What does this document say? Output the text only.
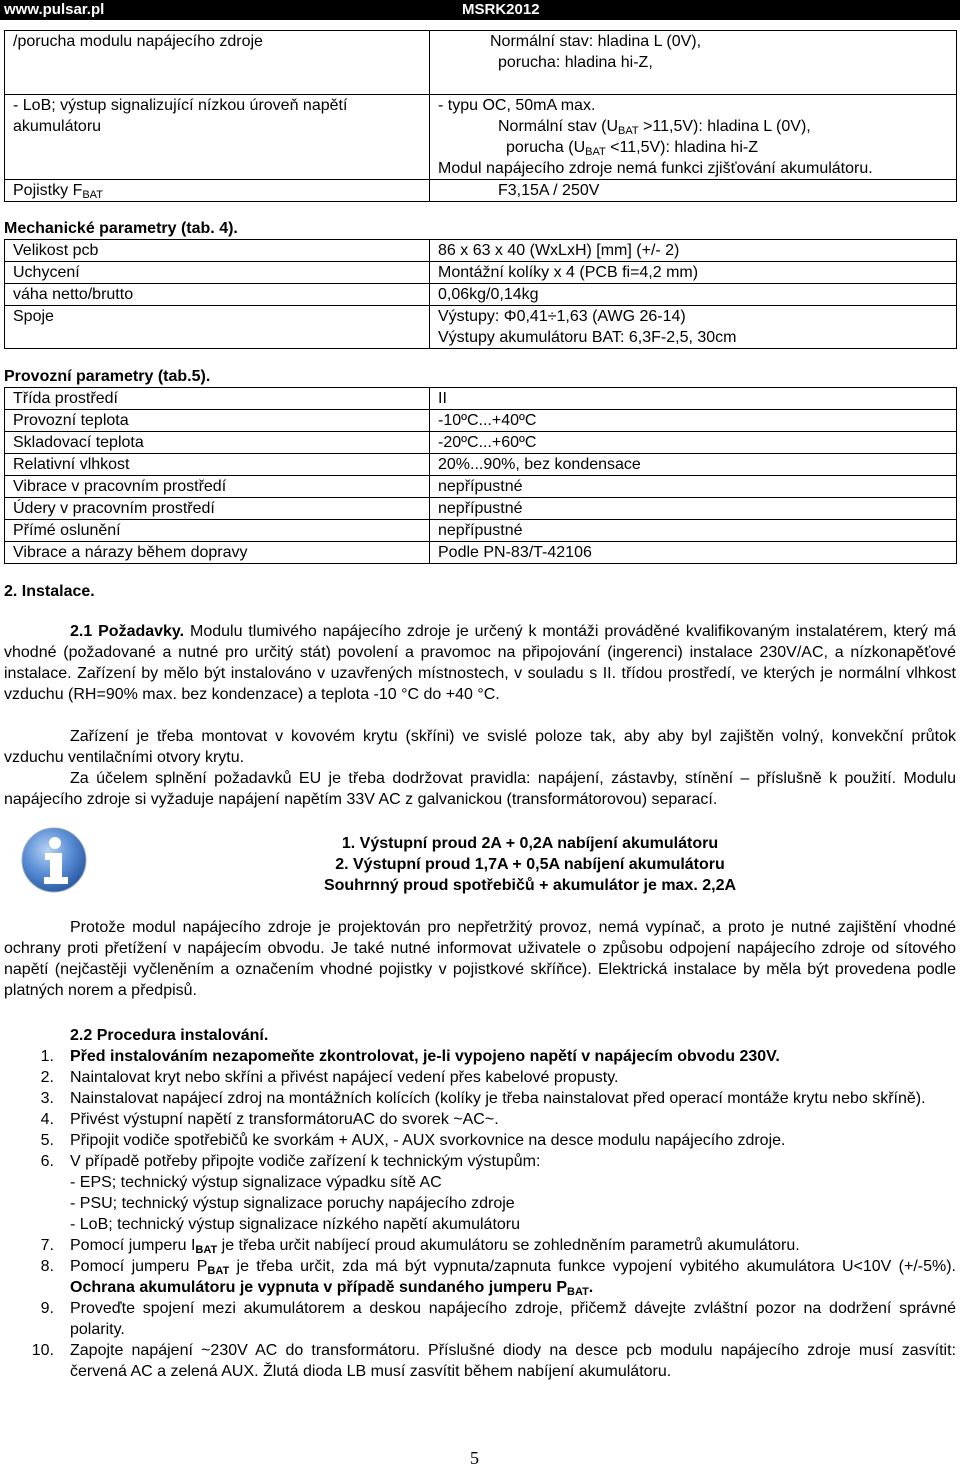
www.pulsar.pl	MSRK2012
/porucha modulu napájecího zdroje	Normální stav: hladina L (0V),
porucha: hladina hi-Z,

- LoB; výstup signalizující nízkou úroveň napětí akumulátoru	- typu OC, 50mA max.
Normální stav $(U_{BAT} >11,5V)$: hladina L (0V),
porucha $(U_{BAT} <11,5V)$: hladina hi-Z
Modul napájecího zdroje nemá funkci zjišťování akumulátoru.

Pojistky $F_{BAT}$	F3,15A / 250V
Mechanické parametry (tab. 4).
Velikost pcb	86 x 63 x 40 (WxLxH) [mm] (+/- 2)
Uchycení	Montážní kolíky x 4 (PCB fi=4,2 mm)
váha netto/brutto	0,06kg/0,14kg
Spoje	Výstupy: Φ0,41÷1,63 (AWG 26-14)
Výstupy akumulátoru BAT: 6,3F-2,5, 30cm
Provozní parametry (tab.5).
Třída prostředí	II
Provozní teplota	-10ºC...+40ºC
Skladovací teplota	-20ºC...+60ºC
Relativní vlhkost	20%...90%, bez kondensace
Vibrace v pracovním prostředí	nepřípustné
Údery v pracovním prostředí	nepřípustné
Přímé oslunění	nepřípustné
Vibrace a nárazy během dopravy	Podle PN-83/T-42106
2. Instalace.

2.1 Požadavky. Modulu tlumivého napájecího zdroje je určený k montáži prováděné kvalifikovaným instalatérem, který má vhodné (požadované a nutné pro určitý stát) povolení a pravomoc na připojování (ingerenci) instalace 230V/AC, a nízkonapěťové instalace. Zařízení by mělo být instalováno v uzavřených místnostech, v souladu s II. třídou prostředí, ve kterých je normální vlhkost vzduchu (RH=90% max. bez kondenzace) a teplota -10 °C do +40 °C.

Zařízení je třeba montovat v kovovém krytu (skříni) ve svislé poloze tak, aby aby byl zajištěn volný, konvekční průtok vzduchu ventilačními otvory krytu.

Za účelem splnění požadavků EU je třeba dodržovat pravidla: napájení, zástavby, stínění – příslušně k použití. Modulu napájecího zdroje si vyžaduje napájení napětím 33V AC z galvanickou (transformátorovou) separací.

1. Výstupní proud 2A + 0,2A nabíjení akumulátoru
2. Výstupní proud 1,7A + 0,5A nabíjení akumulátoru
Souhrnný proud spotřebičů + akumulátor je max. 2,2A

Protože modul napájecího zdroje je projektován pro nepřetržitý provoz, nemá vypínač, a proto je nutné zajištění vhodné ochrany proti přetížení v napájecím obvodu. Je také nutné informovat uživatele o způsobu odpojení napájecího zdroje od sítového napětí (nejčastěji vyčleněním a označením vhodné pojistky v pojistkové skříňce). Elektrická instalace by měla být provedena podle platných norem a předpisů.

2.2 Procedura instalování.
1. Před instalováním nezapomeňte zkontrolovat, je-li vypojeno napětí v napájecím obvodu 230V.
2. Naintalovat kryt nebo skříni a přivést napájecí vedení přes kabelové propusty.
3. Nainstalovat napájecí zdroj na montážních kolících (kolíky je třeba nainstalovat před operací montáže krytu nebo skříně).
4. Přivést výstupní napětí z transformátoruAC do svorek ~AC~.
5. Připojit vodiče spotřebičů ke svorkám + AUX, - AUX svorkovnice na desce modulu napájecího zdroje.
6. V případě potřeby připojte vodiče zařízení k technickým výstupům:
- EPS; technický výstup signalizace výpadku sítě AC
- PSU; technický výstup signalizace poruchy napájecího zdroje
- LoB; technický výstup signalizace nízkého napětí akumulátoru
7. Pomocí jumperu $I_{BAT}$ je třeba určit nabíjecí proud akumulátoru se zohledněním parametrů akumulátoru.
8. Pomocí jumperu $P_{BAT}$ je třeba určit, zda má být vypnuta/zapnuta funkce vypojení vybitého akumulátora U<10V (+/-5%). Ochrana akumulátoru je vypnuta v případě sundaného jumperu $P_{BAT}$.
9. Proveďte spojení mezi akumulátorem a deskou napájecího zdroje, přičemž dávejte zvláštní pozor na dodržení správné polarity.
10. Zapojte napájení ~230V AC do transformátoru. Příslušné diody na desce pcb modulu napájecího zdroje musí zasvítit: červená AC a zelená AUX. Žlutá dioda LB musí zasvítit během nabíjení akumulátoru.
5
